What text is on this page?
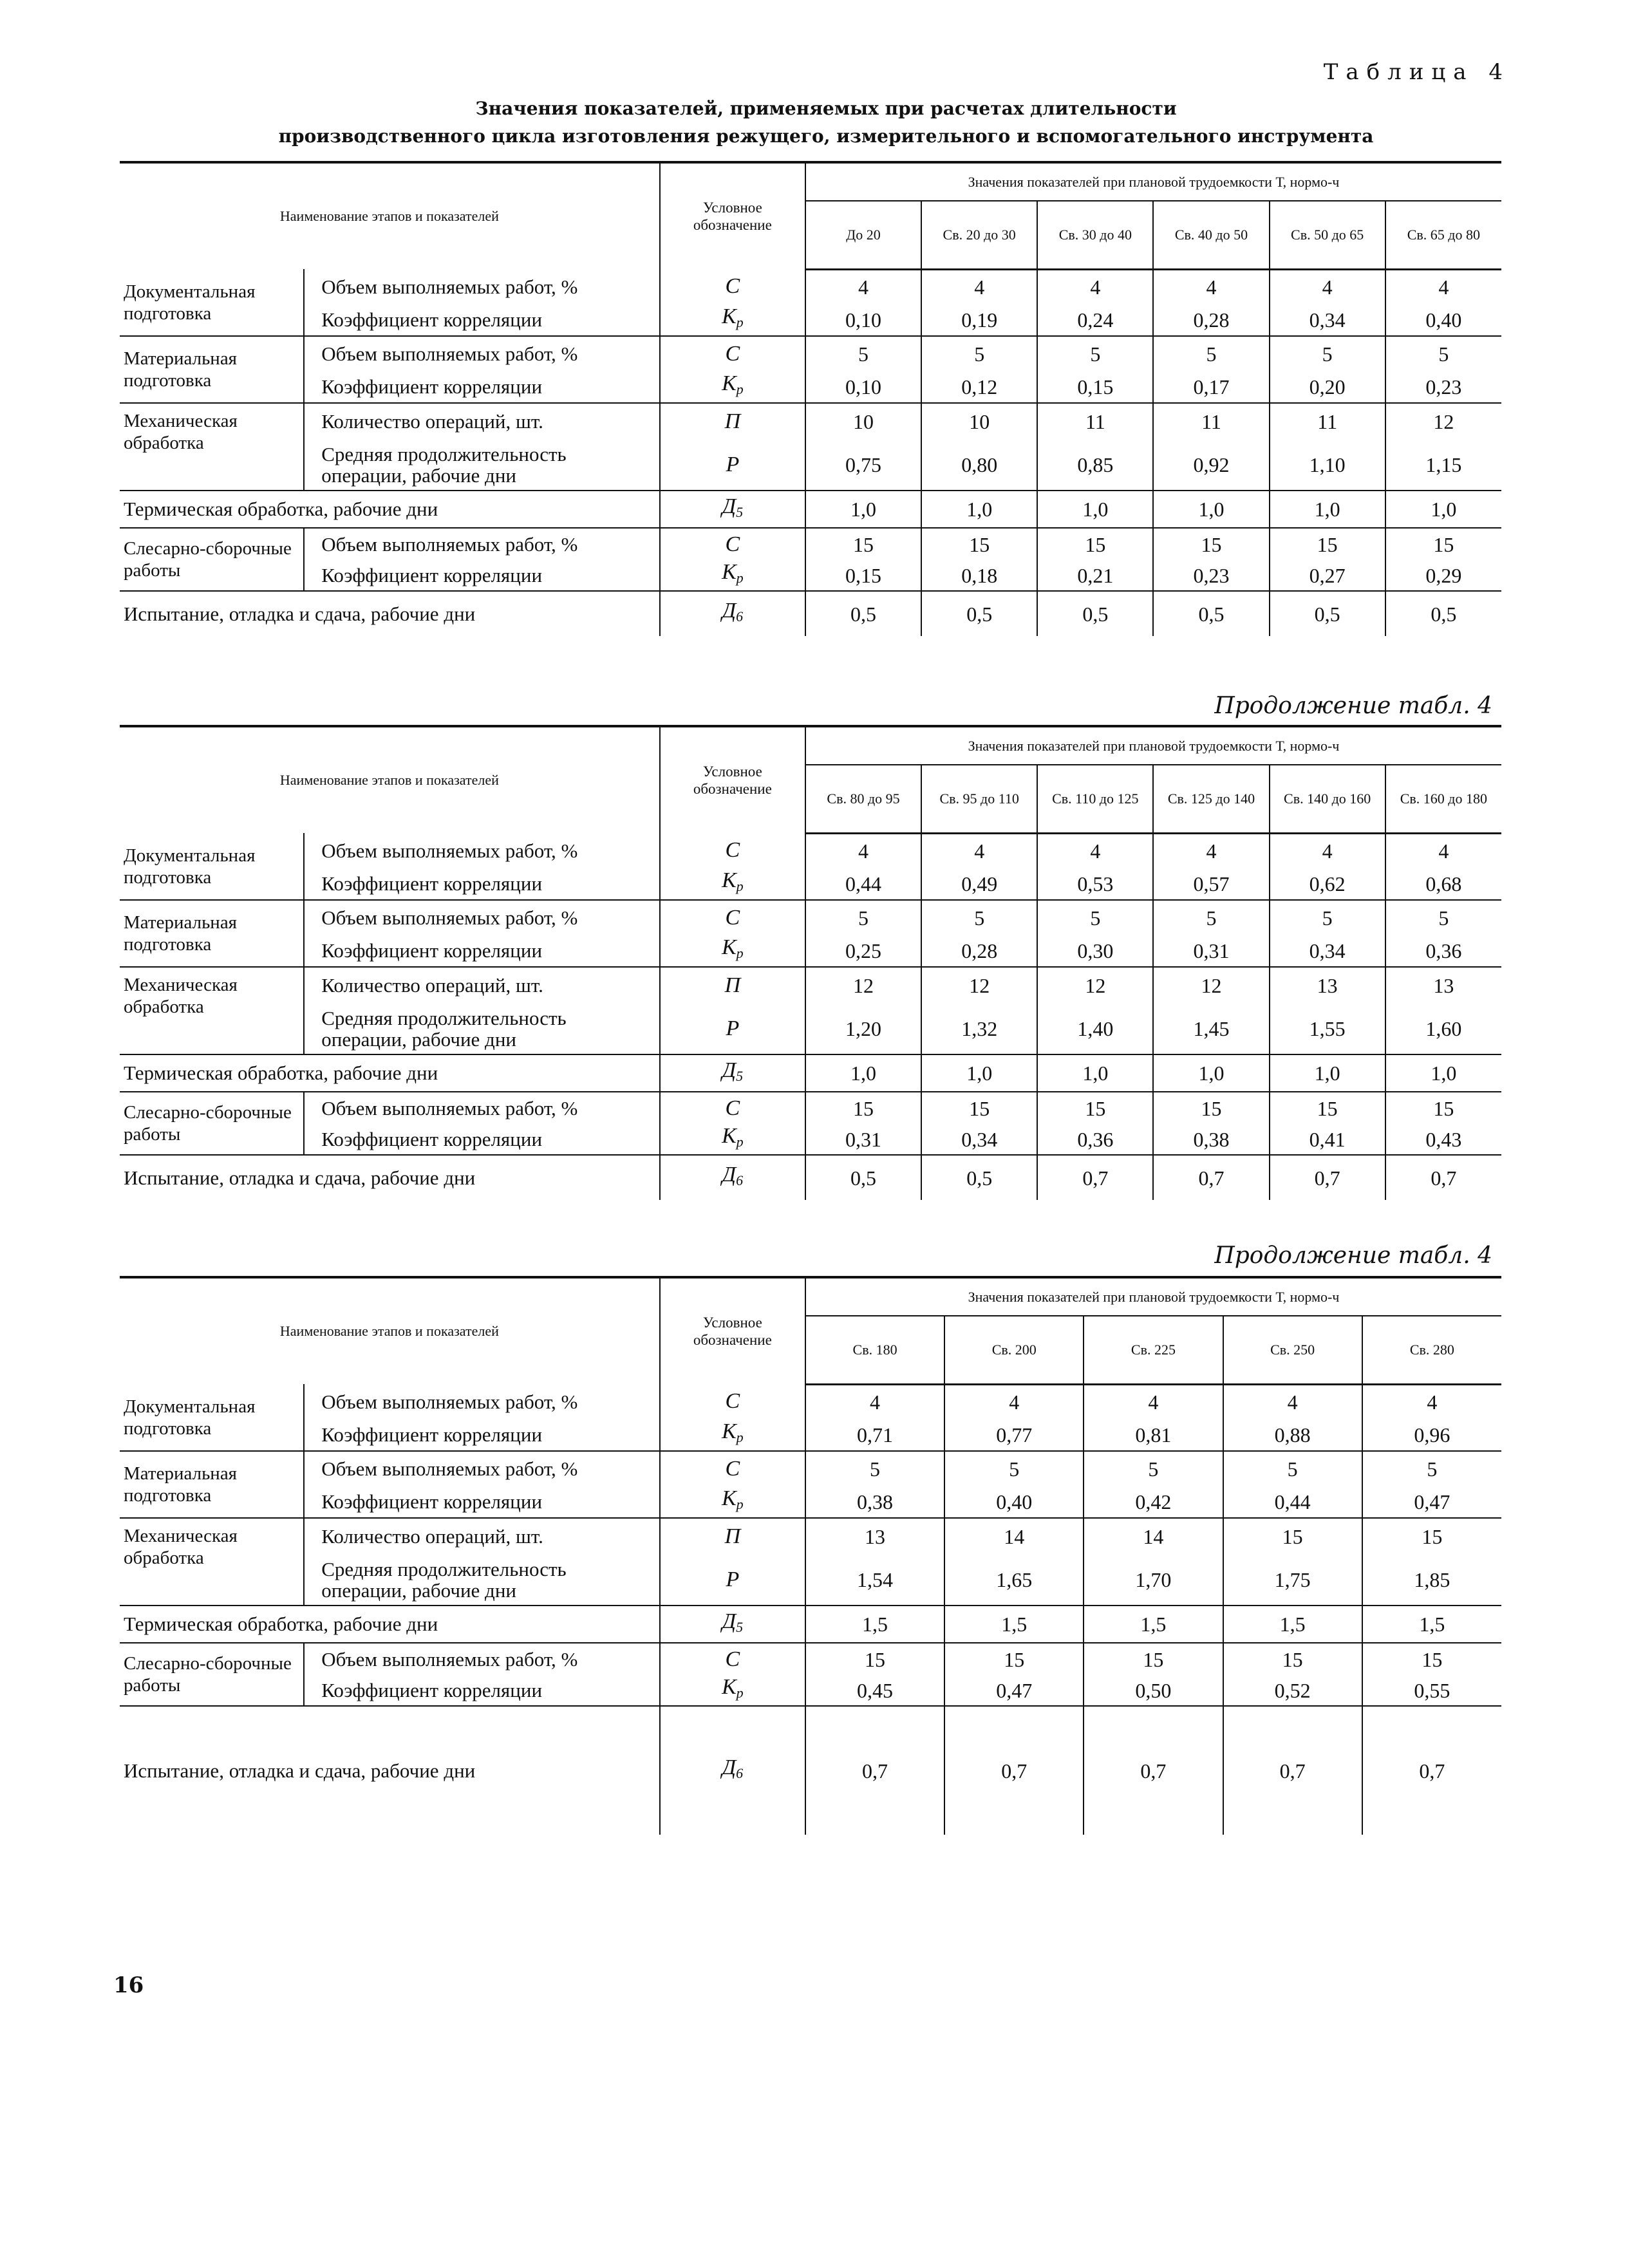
Таблица 4
Значения показателей, применяемых при расчетах длительности
производственного цикла изготовления режущего, измерительного и вспомогательного инструмента
Наименование этапов и показателей		Условное обозначение	Значения показателей при плановой трудоемкости Т, нормо-ч					
			До 20	Св. 20 до 30	Св. 30 до 40	Св. 40 до 50	Св. 50 до 65	Св. 65 до 80
Документальная подготовка	Объем выполняемых работ, %	С	4	4	4	4	4	4
	Коэффициент корреляции	$К_р$	0,10	0,19	0,24	0,28	0,34	0,40
Материальная подготовка	Объем выполняемых работ, %	С	5	5	5	5	5	5
	Коэффициент корреляции	$К_р$	0,10	0,12	0,15	0,17	0,20	0,23
Механическая обработка	Количество операций, шт.	П	10	10	11	11	11	12
	Средняя продолжительность операции, рабочие дни	Р	0,75	0,80	0,85	0,92	1,10	1,15
Термическая обработка, рабочие дни		$Д_5$	1,0	1,0	1,0	1,0	1,0	1,0
Слесарно-сборочные работы	Объем выполняемых работ, %	С	15	15	15	15	15	15
	Коэффициент корреляции	$К_р$	0,15	0,18	0,21	0,23	0,27	0,29
Испытание, отладка и сдача, рабочие дни		$Д_6$	0,5	0,5	0,5	0,5	0,5	0,5
Продолжение табл. 4
Наименование этапов и показателей		Условное обозначение	Значения показателей при плановой трудоемкости Т, нормо-ч					
			Св. 80 до 95	Св. 95 до 110	Св. 110 до 125	Св. 125 до 140	Св. 140 до 160	Св. 160 до 180
Документальная подготовка	Объем выполняемых работ, %	С	4	4	4	4	4	4
	Коэффициент корреляции	$К_р$	0,44	0,49	0,53	0,57	0,62	0,68
Материальная подготовка	Объем выполняемых работ, %	С	5	5	5	5	5	5
	Коэффициент корреляции	$К_р$	0,25	0,28	0,30	0,31	0,34	0,36
Механическая обработка	Количество операций, шт.	П	12	12	12	12	13	13
	Средняя продолжительность операции, рабочие дни	Р	1,20	1,32	1,40	1,45	1,55	1,60
Термическая обработка, рабочие дни		$Д_5$	1,0	1,0	1,0	1,0	1,0	1,0
Слесарно-сборочные работы	Объем выполняемых работ, %	С	15	15	15	15	15	15
	Коэффициент корреляции	$К_р$	0,31	0,34	0,36	0,38	0,41	0,43
Испытание, отладка и сдача, рабочие дни		$Д_6$	0,5	0,5	0,7	0,7	0,7	0,7
Продолжение табл. 4
Наименование этапов и показателей		Условное обозначение	Значения показателей при плановой трудоемкости Т, нормо-ч				
			Св. 180	Св. 200	Св. 225	Св. 250	Св. 280
Документальная подготовка	Объем выполняемых работ, %	С	4	4	4	4	4
	Коэффициент корреляции	$К_р$	0,71	0,77	0,81	0,88	0,96
Материальная подготовка	Объем выполняемых работ, %	С	5	5	5	5	5
	Коэффициент корреляции	$К_р$	0,38	0,40	0,42	0,44	0,47
Механическая обработка	Количество операций, шт.	П	13	14	14	15	15
	Средняя продолжительность операции, рабочие дни	Р	1,54	1,65	1,70	1,75	1,85
Термическая обработка, рабочие дни		$Д_5$	1,5	1,5	1,5	1,5	1,5
Слесарно-сборочные работы	Объем выполняемых работ, %	С	15	15	15	15	15
	Коэффициент корреляции	$К_р$	0,45	0,47	0,50	0,52	0,55
Испытание, отладка и сдача, рабочие дни		$Д_6$	0,7	0,7	0,7	0,7	0,7
16
